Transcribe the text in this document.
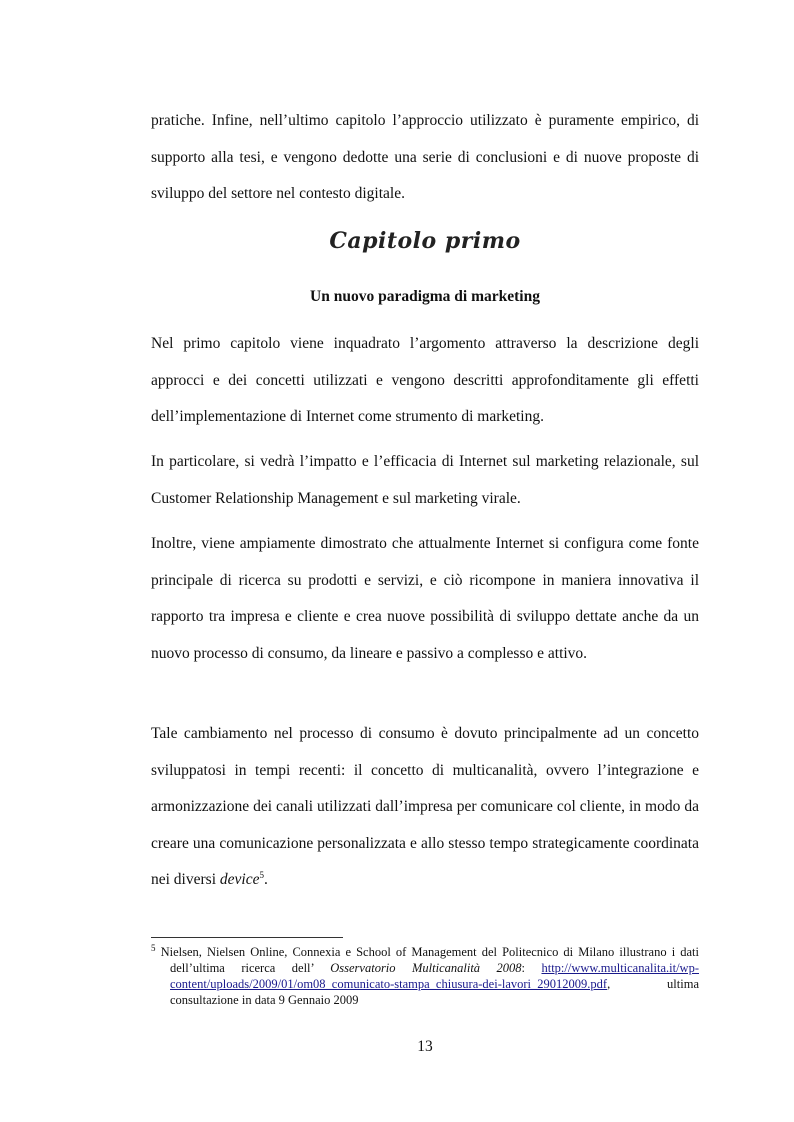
pratiche. Infine, nell’ultimo capitolo l’approccio utilizzato è puramente empirico, di supporto alla tesi, e vengono dedotte una serie di conclusioni e di nuove proposte di sviluppo del settore nel contesto digitale.

Capitolo primo
Un nuovo paradigma di marketing

Nel primo capitolo viene inquadrato l’argomento attraverso la descrizione degli approcci e dei concetti utilizzati e vengono descritti approfonditamente gli effetti dell’implementazione di Internet come strumento di marketing.

In particolare, si vedrà l’impatto e l’efficacia di Internet sul marketing relazionale, sul Customer Relationship Management e sul marketing virale.

Inoltre, viene ampiamente dimostrato che attualmente Internet si configura come fonte principale di ricerca su prodotti e servizi, e ciò ricompone in maniera innovativa il rapporto tra impresa e cliente e crea nuove possibilità di sviluppo dettate anche da un nuovo processo di consumo, da lineare e passivo a complesso e attivo.

Tale cambiamento nel processo di consumo è dovuto principalmente ad un concetto sviluppatosi in tempi recenti: il concetto di multicanalità, ovvero l’integrazione e armonizzazione dei canali utilizzati dall’impresa per comunicare col cliente, in modo da creare una comunicazione personalizzata e allo stesso tempo strategicamente coordinata nei diversi device$^5$.

$^5$ Nielsen, Nielsen Online, Connexia e School of Management del Politecnico di Milano illustrano i dati dell’ultima ricerca dell’ Osservatorio Multicanalità 2008: http://www.multicanalita.it/wp-content/uploads/2009/01/om08_comunicato-stampa_chiusura-dei-lavori_29012009.pdf, ultima consultazione in data 9 Gennaio 2009

13
